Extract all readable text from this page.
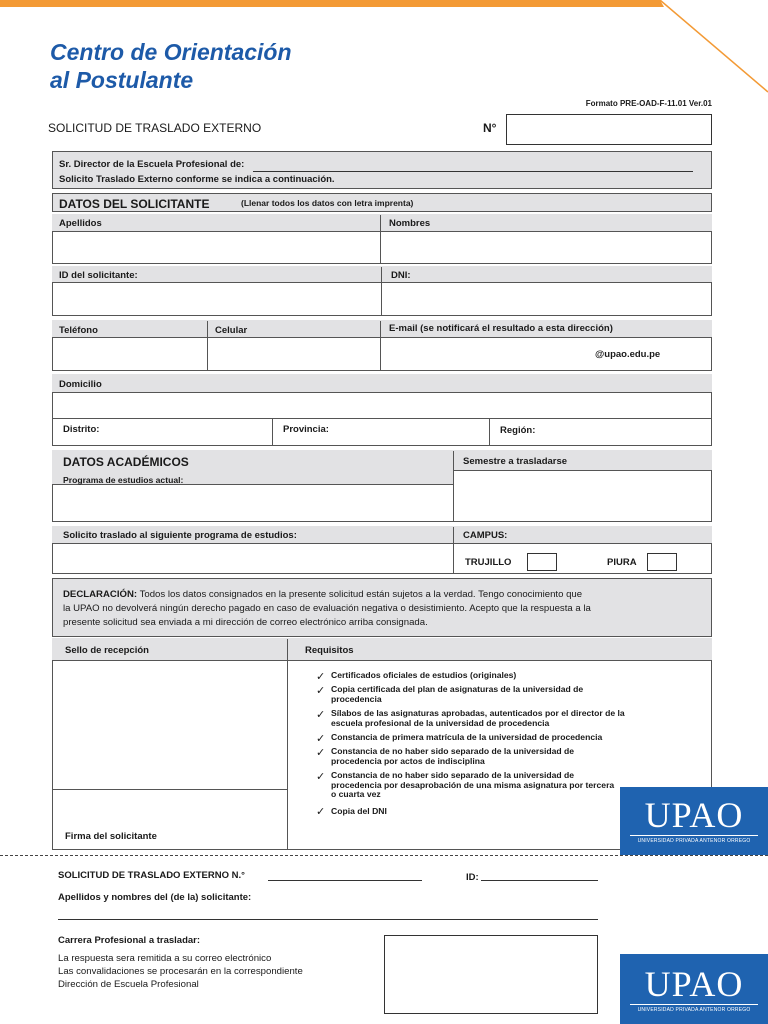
Centro de Orientación
al Postulante
Formato PRE-OAD-F-11.01 Ver.01
SOLICITUD DE TRASLADO EXTERNO	N°
Sr. Director de la Escuela Profesional de:
Solicito Traslado Externo conforme se indica a continuación.
DATOS DEL SOLICITANTE	(Llenar todos los datos con letra imprenta)
Apellidos	Nombres
ID del solicitante:	DNI:
Teléfono	Celular	E-mail (se notificará el resultado a esta dirección)
@upao.edu.pe
Domicilio
Distrito:	Provincia:	Región:
DATOS ACADÉMICOS
Programa de estudios actual:
Semestre a trasladarse
Solicito traslado al siguiente programa de estudios:	CAMPUS:
TRUJILLO	PIURA
DECLARACIÓN: Todos los datos consignados en la presente solicitud están sujetos a la verdad. Tengo conocimiento que
la UPAO no devolverá ningún derecho pagado en caso de evaluación negativa o desistimiento. Acepto que la respuesta a la
presente solicitud sea enviada a mi dirección de correo electrónico arriba consignada.
Sello de recepción	Requisitos
Firma del solicitante
✓ Certificados oficiales de estudios (originales)
✓ Copia certificada del plan de asignaturas de la universidad de procedencia
✓ Sílabos de las asignaturas aprobadas, autenticados por el director de la escuela profesional de la universidad de procedencia
✓ Constancia de primera matrícula de la universidad de procedencia
✓ Constancia de no haber sido separado de la universidad de procedencia por actos de indisciplina
✓ Constancia de no haber sido separado de la universidad de procedencia por desaprobación de una misma asignatura por tercera o cuarta vez
✓ Copia del DNI	UPAO
UNIVERSIDAD PRIVADA ANTENOR ORREGO
SOLICITUD DE TRASLADO EXTERNO N.°	ID:
Apellidos y nombres del (de la) solicitante:
Carrera Profesional a trasladar:
La respuesta sera remitida a su correo electrónico
Las convalidaciones se procesarán en la correspondiente
Dirección de Escuela Profesional	UPAO
UNIVERSIDAD PRIVADA ANTENOR ORREGO
